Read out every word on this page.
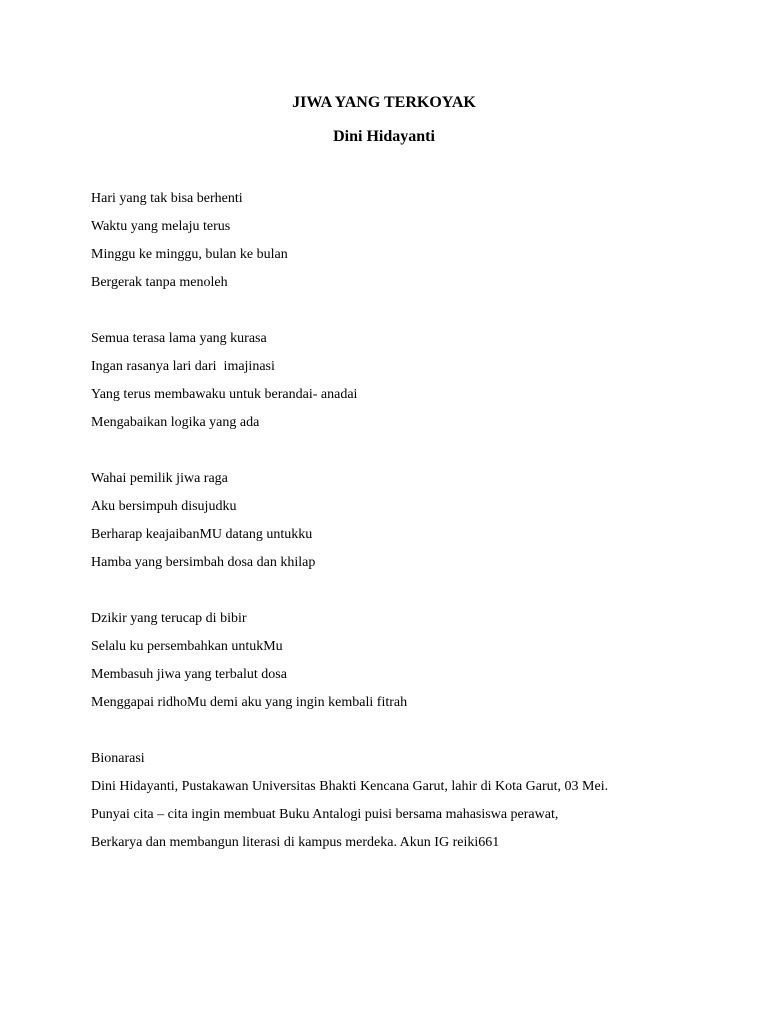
JIWA YANG TERKOYAK
Dini Hidayanti
Hari yang tak bisa berhenti
Waktu yang melaju terus
Minggu ke minggu, bulan ke bulan
Bergerak tanpa menoleh
Semua terasa lama yang kurasa
Ingan rasanya lari dari  imajinasi
Yang terus membawaku untuk berandai- anadai
Mengabaikan logika yang ada
Wahai pemilik jiwa raga
Aku bersimpuh disujudku
Berharap keajaibanMU datang untukku
Hamba yang bersimbah dosa dan khilap
Dzikir yang terucap di bibir
Selalu ku persembahkan untukMu
Membasuh jiwa yang terbalut dosa
Menggapai ridhoMu demi aku yang ingin kembali fitrah
Bionarasi
Dini Hidayanti, Pustakawan Universitas Bhakti Kencana Garut, lahir di Kota Garut, 03 Mei.
Punyai cita – cita ingin membuat Buku Antalogi puisi bersama mahasiswa perawat,
Berkarya dan membangun literasi di kampus merdeka. Akun IG reiki661
